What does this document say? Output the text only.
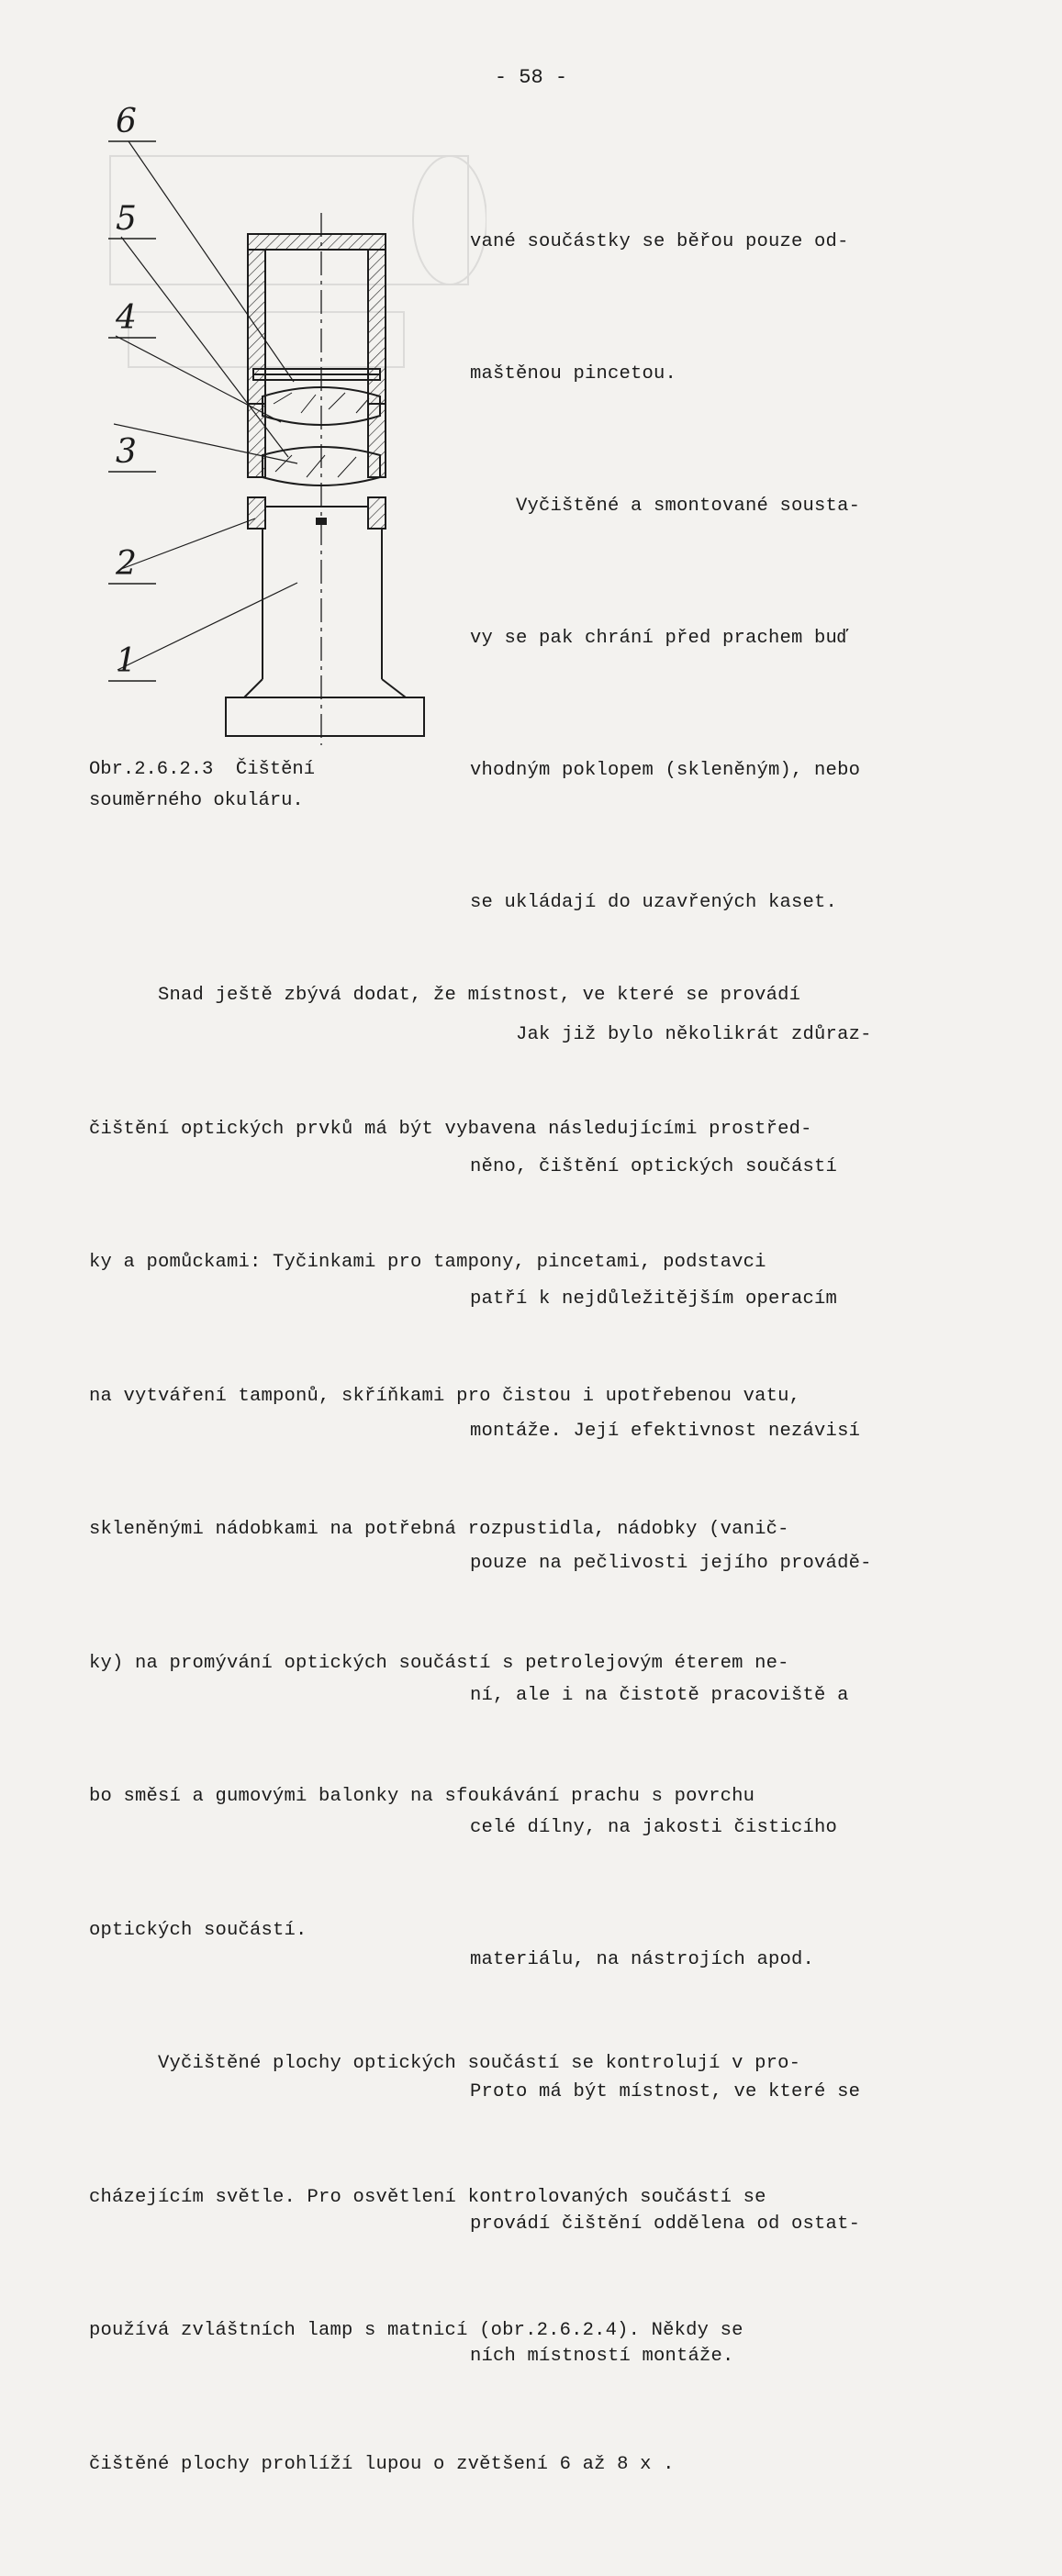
- 58 -
6
5
4
3
2
1
Obr.2.6.2.3  Čištění
souměrného okuláru.

vané součástky se běřou pouze od-

maštěnou pincetou.

Vyčištěné a smontované sousta-

vy se pak chrání před prachem buď

vhodným poklopem (skleněným), nebo

se ukládají do uzavřených kaset.

Jak již bylo několikrát zdůraz-

něno, čištění optických součástí

patří k nejdůležitějším operacím

montáže. Její efektivnost nezávisí

pouze na pečlivosti jejího provádě-

ní, ale i na čistotě pracoviště a

celé dílny, na jakosti čisticího

materiálu, na nástrojích apod.

Proto má být místnost, ve které se

provádí čištění oddělena od ostat-

ních místností montáže.

Snad ještě zbývá dodat, že místnost, ve které se provádí

čištění optických prvků má být vybavena následujícími prostřed-

ky a pomůckami: Tyčinkami pro tampony, pincetami, podstavci

na vytváření tamponů, skříňkami pro čistou i upotřebenou vatu,

skleněnými nádobkami na potřebná rozpustidla, nádobky (vanič-

ky) na promývání optických součástí s petrolejovým éterem ne-

bo směsí a gumovými balonky na sfoukávání prachu s povrchu

optických součástí.

Vyčištěné plochy optických součástí se kontrolují v pro-

cházejícím světle. Pro osvětlení kontrolovaných součástí se

používá zvláštních lamp s matnicí (obr.2.6.2.4). Někdy se

čištěné plochy prohlíží lupou o zvětšení 6 až 8 x .
